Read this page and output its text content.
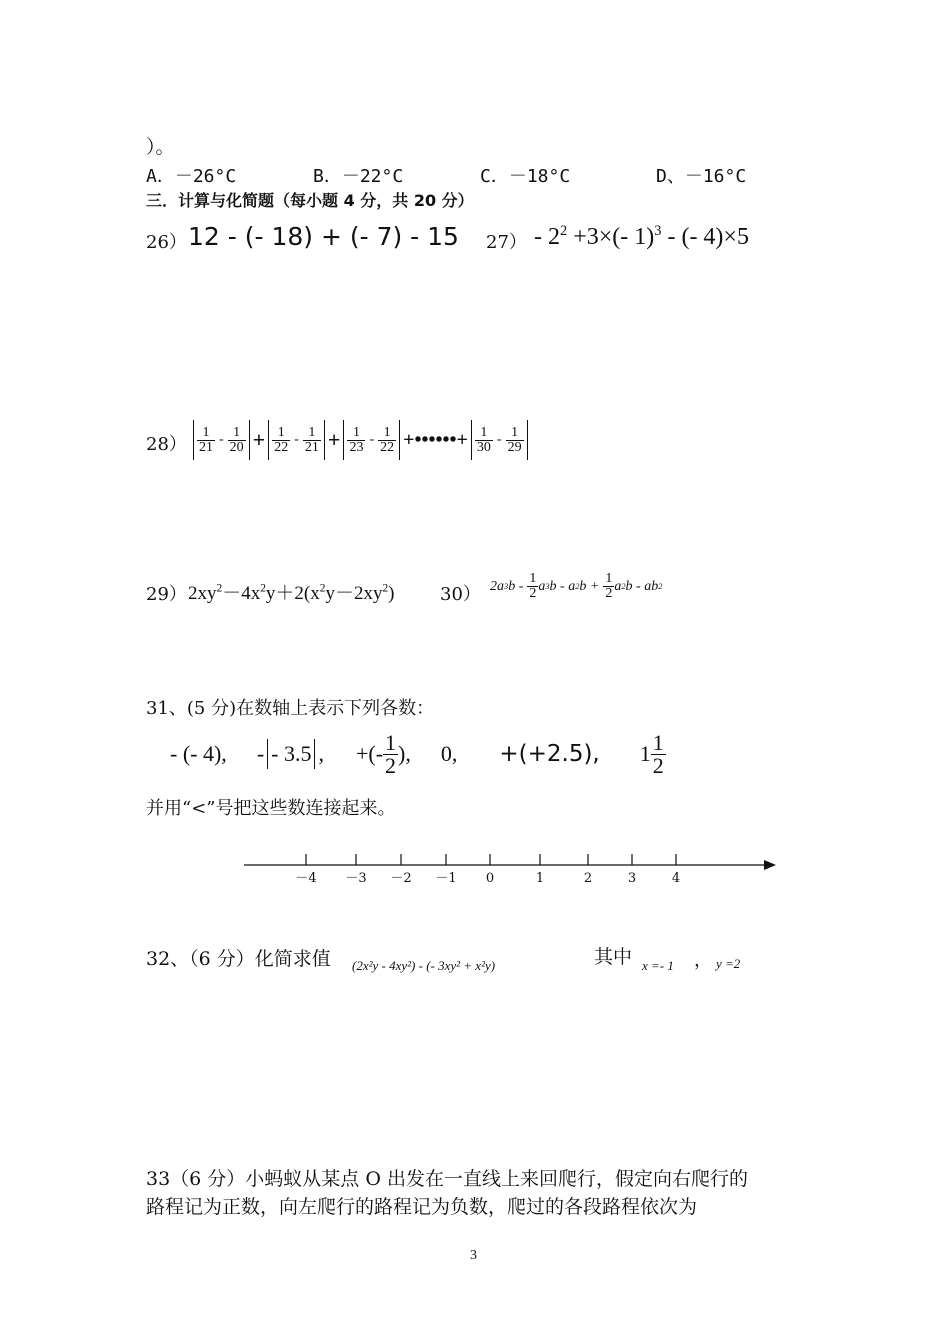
）。
A．－26°C	B．－22°C	C．－18°C	D、－16°C
三．计算与化简题（每小题 4 分，共 20 分）
26） 12 - (- 18) + (- 7) - 15 $27) - 2^2 +3\times(-$ 1)$^3$ - (- 4)×5
$28) \frac{1}{21} - \frac{1}{20} + \frac{1}{22} - \frac{1}{21} + \frac{1}{23} - \frac{1}{22}$ +••••••+ $\frac{1}{30} - \frac{1}{29}$
29） $2xy^2-4x^2y+2(x^2y-2xy^2)$	30） 2a 3 b - $\frac{1}{2}$ a 3 b - a 2 $b + \frac{1}{2}$ a 2 b - ab 2
31、(5 分)在数轴上表示下列各数：
- (- 4), - - 3.5 , +(- $\frac{1}{2}$ ), 0, +(+2.5), $1 \frac{1}{2}$
并用“<”号把这些数连接起来。
－4 －3 －2 －1 0	1	2	3	4
32、（6 分）化简求值 (2x²y - 4xy²) - (- 3xy² + x²y)	其中 x =- 1 ， y =2
33（6 分）小蚂蚁从某点 O 出发在一直线上来回爬行，假定向右爬行的
路程记为正数，向左爬行的路程记为负数，爬过的各段路程依次为
3
